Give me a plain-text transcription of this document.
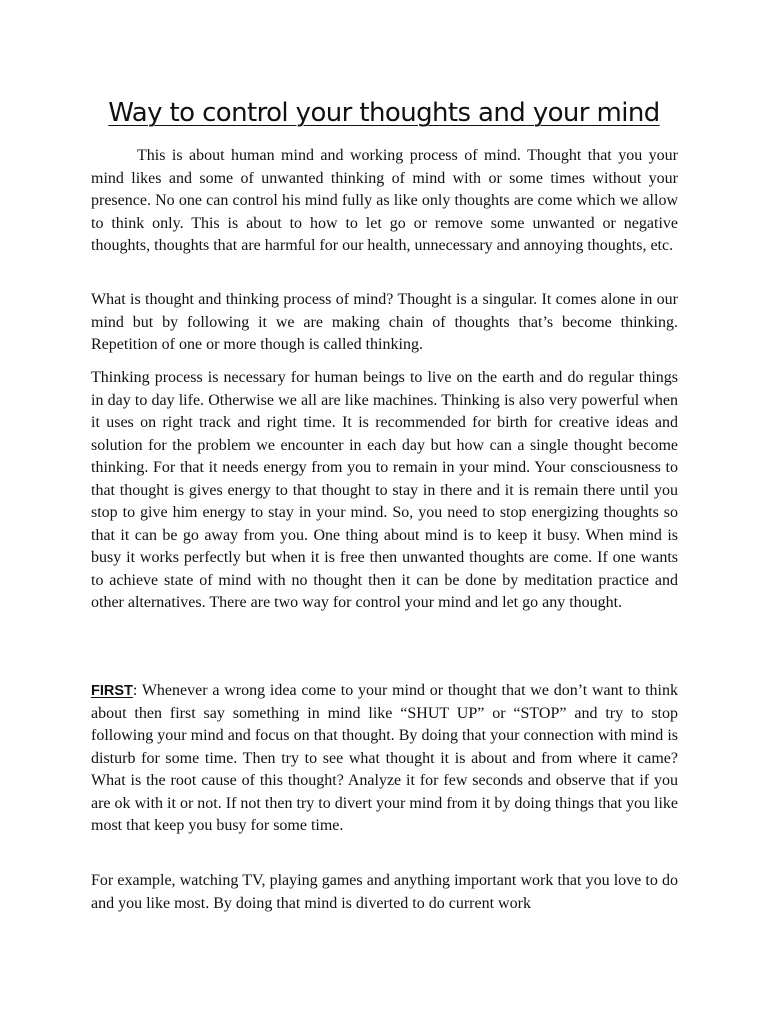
Way to control your thoughts and your mind

This is about human mind and working process of mind. Thought that you your mind likes and some of unwanted thinking of mind with or some times without your presence. No one can control his mind fully as like only thoughts are come which we allow to think only. This is about to how to let go or remove some unwanted or negative thoughts, thoughts that are harmful for our health, unnecessary and annoying thoughts, etc.

What is thought and thinking process of mind? Thought is a singular. It comes alone in our mind but by following it we are making chain of thoughts that’s become thinking. Repetition of one or more though is called thinking.

Thinking process is necessary for human beings to live on the earth and do regular things in day to day life. Otherwise we all are like machines. Thinking is also very powerful when it uses on right track and right time. It is recommended for birth for creative ideas and solution for the problem we encounter in each day but how can a single thought become thinking. For that it needs energy from you to remain in your mind. Your consciousness to that thought is gives energy to that thought to stay in there and it is remain there until you stop to give him energy to stay in your mind. So, you need to stop energizing thoughts so that it can be go away from you. One thing about mind is to keep it busy. When mind is busy it works perfectly but when it is free then unwanted thoughts are come. If one wants to achieve state of mind with no thought then it can be done by meditation practice and other alternatives. There are two way for control your mind and let go any thought.

FIRST: Whenever a wrong idea come to your mind or thought that we don’t want to think about then first say something in mind like “SHUT UP” or “STOP” and try to stop following your mind and focus on that thought. By doing that your connection with mind is disturb for some time. Then try to see what thought it is about and from where it came? What is the root cause of this thought? Analyze it for few seconds and observe that if you are ok with it or not. If not then try to divert your mind from it by doing things that you like most that keep you busy for some time.

For example, watching TV, playing games and anything important work that you love to do and you like most. By doing that mind is diverted to do current work
